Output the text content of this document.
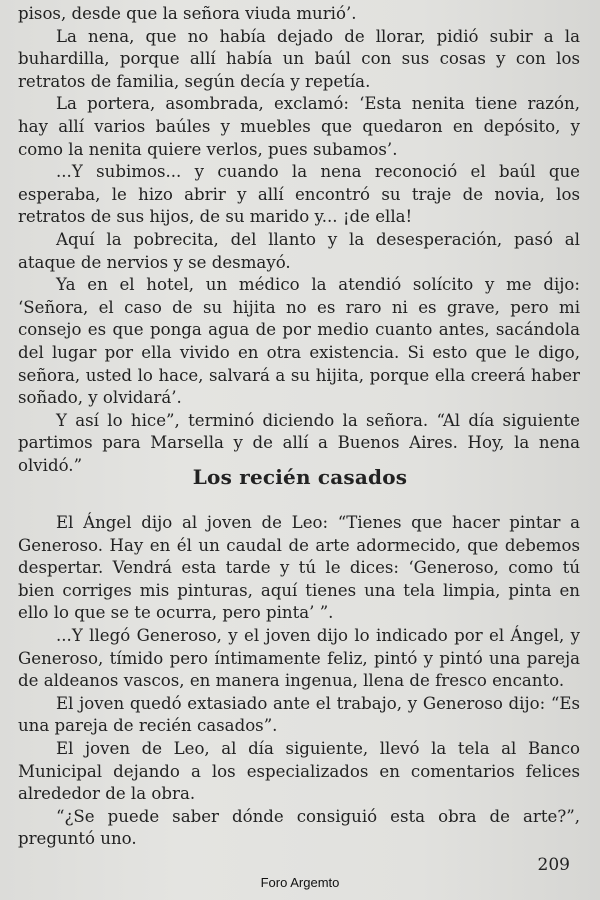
pisos, desde que la señora viuda murió’.

La nena, que no había dejado de llorar, pidió subir a la buhardilla, porque allí había un baúl con sus cosas y con los retratos de familia, según decía y repetía.

La portera, asombrada, exclamó: ‘Esta nenita tiene razón, hay allí varios baúles y muebles que quedaron en depósito, y como la nenita quiere verlos, pues subamos’.

...Y subimos... y cuando la nena reconoció el baúl que esperaba, le hizo abrir y allí encontró su traje de novia, los retratos de sus hijos, de su marido y... ¡de ella!

Aquí la pobrecita, del llanto y la desesperación, pasó al ataque de nervios y se desmayó.

Ya en el hotel, un médico la atendió solícito y me dijo: ‘Señora, el caso de su hijita no es raro ni es grave, pero mi consejo es que ponga agua de por medio cuanto antes, sacándola del lugar por ella vivido en otra existencia. Si esto que le digo, señora, usted lo hace, salvará a su hijita, porque ella creerá haber soñado, y olvidará’.

Y así lo hice”, terminó diciendo la señora. “Al día siguiente partimos para Marsella y de allí a Buenos Aires. Hoy, la nena olvidó.”	Los recién casados

El Ángel dijo al joven de Leo: “Tienes que hacer pintar a Generoso. Hay en él un caudal de arte adormecido, que debemos despertar. Vendrá esta tarde y tú le dices: ‘Generoso, como tú bien corriges mis pinturas, aquí tienes una tela limpia, pinta en ello lo que se te ocurra, pero pinta’ ”.

...Y llegó Generoso, y el joven dijo lo indicado por el Ángel, y Generoso, tímido pero íntimamente feliz, pintó y pintó una pareja de aldeanos vascos, en manera ingenua, llena de fresco encanto.

El joven quedó extasiado ante el trabajo, y Generoso dijo: “Es una pareja de recién casados”.

El joven de Leo, al día siguiente, llevó la tela al Banco Municipal dejando a los especializados en comentarios felices alrededor de la obra.

“¿Se puede saber dónde consiguió esta obra de arte?”, preguntó uno.

209
Foro Argemto
